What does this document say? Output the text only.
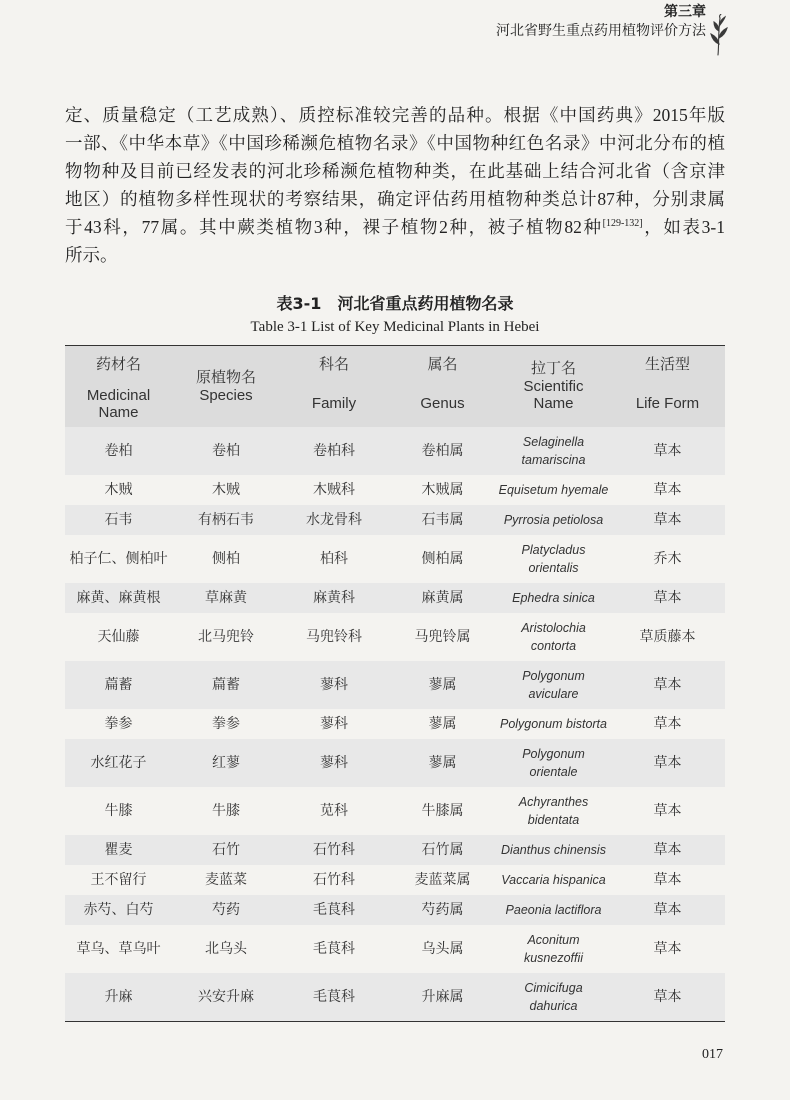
第三章
河北省野生重点药用植物评价方法
定、质量稳定（工艺成熟）、质控标准较完善的品种。根据《中国药典》2015年版
一部、《中华本草》《中国珍稀濒危植物名录》《中国物种红色名录》中河北分布的植
物物种及目前已经发表的河北珍稀濒危植物种类，在此基础上结合河北省（含京津
地区）的植物多样性现状的考察结果，确定评估药用植物种类总计87种，分别隶属
于43科，77属。其中蕨类植物3种，裸子植物2种，被子植物82种[129-132]，如表3-1
所示。
表3-1　河北省重点药用植物名录
Table 3-1 List of Key Medicinal Plants in Hebei
药材名
Medicinal
Name	原植物名
Species	科名
Family	属名
Genus	拉丁名
Scientific
Name	生活型
Life Form

卷柏	卷柏	卷柏科	卷柏属	Selaginella
tamariscina	草本
木贼	木贼	木贼科	木贼属	Equisetum hyemale	草本
石韦	有柄石韦	水龙骨科	石韦属	Pyrrosia petiolosa	草本
柏子仁、侧柏叶	侧柏	柏科	侧柏属	Platycladus
orientalis	乔木
麻黄、麻黄根	草麻黄	麻黄科	麻黄属	Ephedra sinica	草本
天仙藤	北马兜铃	马兜铃科	马兜铃属	Aristolochia
contorta	草质藤本
萹蓄	萹蓄	蓼科	蓼属	Polygonum
aviculare	草本
拳参	拳参	蓼科	蓼属	Polygonum bistorta	草本
水红花子	红蓼	蓼科	蓼属	Polygonum
orientale	草本
牛膝	牛膝	苋科	牛膝属	Achyranthes
bidentata	草本
瞿麦	石竹	石竹科	石竹属	Dianthus chinensis	草本
王不留行	麦蓝菜	石竹科	麦蓝菜属	Vaccaria hispanica	草本
赤芍、白芍	芍药	毛茛科	芍药属	Paeonia lactiflora	草本
草乌、草乌叶	北乌头	毛茛科	乌头属	Aconitum
kusnezoffii	草本
升麻	兴安升麻	毛茛科	升麻属	Cimicifuga
dahurica	草本
017
